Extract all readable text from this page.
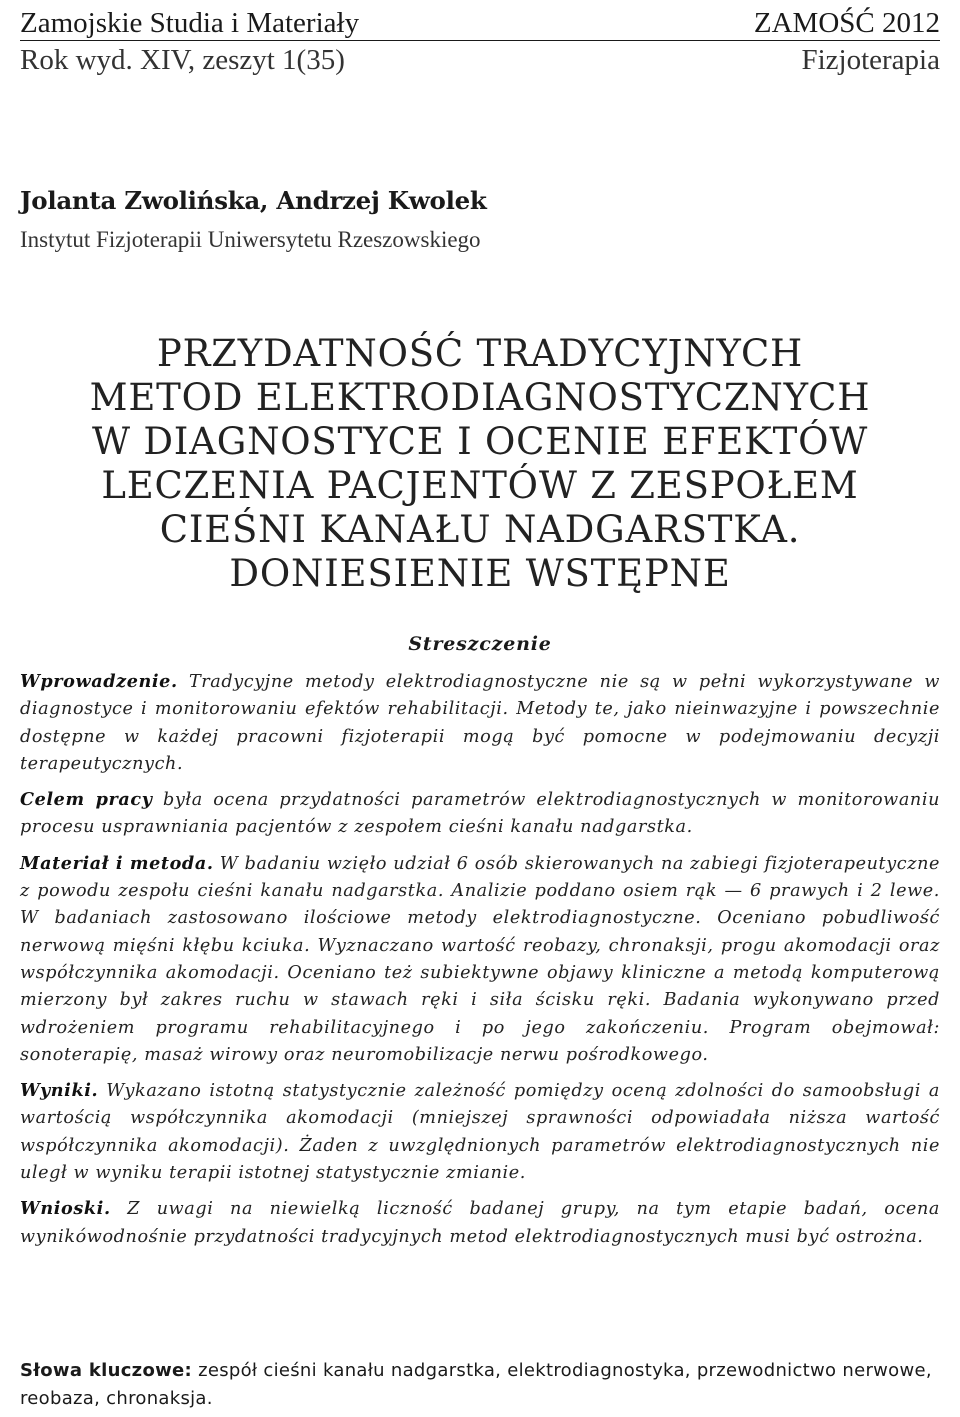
Zamojskie Studia i Materiały	ZAMOŚĆ 2012
Rok wyd. XIV, zeszyt 1(35)	Fizjoterapia
Jolanta Zwolińska, Andrzej Kwolek
Instytut Fizjoterapii Uniwersytetu Rzeszowskiego
PRZYDATNOŚĆ TRADYCYJNYCH
METOD ELEKTRODIAGNOSTYCZNYCH
W DIAGNOSTYCE I OCENIE EFEKTÓW
LECZENIA PACJENTÓW Z ZESPOŁEM
CIEŚNI KANAŁU NADGARSTKA.
DONIESIENIE WSTĘPNE
Streszczenie

Wprowadzenie. Tradycyjne metody elektrodiagnostyczne nie są w pełni wykorzystywane w diagnostyce i monitorowaniu efektów rehabilitacji. Metody te, jako nieinwazyjne i powszechnie dostępne w każdej pracowni fizjoterapii mogą być pomocne w podejmowaniu decyzji terapeutycznych.

Celem pracy była ocena przydatności parametrów elektrodiagnostycznych w monitorowaniu procesu usprawniania pacjentów z zespołem cieśni kanału nadgarstka.

Materiał i metoda. W badaniu wzięło udział 6 osób skierowanych na zabiegi fizjoterapeutyczne z powodu zespołu cieśni kanału nadgarstka. Analizie poddano osiem rąk — 6 prawych i 2 lewe. W badaniach zastosowano ilościowe metody elektrodiagnostyczne. Oceniano pobudliwość nerwową mięśni kłębu kciuka. Wyznaczano wartość reobazy, chronaksji, progu akomodacji oraz współczynnika akomodacji. Oceniano też subiektywne objawy kliniczne a metodą komputerową mierzony był zakres ruchu w stawach ręki i siła ścisku ręki. Badania wykonywano przed wdrożeniem programu rehabilitacyjnego i po jego zakończeniu. Program obejmował: sonoterapię, masaż wirowy oraz neuromobilizacje nerwu pośrodkowego.

Wyniki. Wykazano istotną statystycznie zależność pomiędzy oceną zdolności do samoobsługi a wartością współczynnika akomodacji (mniejszej sprawności odpowiadała niższa wartość współczynnika akomodacji). Żaden z uwzględnionych parametrów elektrodiagnostycznych nie uległ w wyniku terapii istotnej statystycznie zmianie.

Wnioski. Z uwagi na niewielką liczność badanej grupy, na tym etapie badań, ocena wynikówodnośnie przydatności tradycyjnych metod elektrodiagnostycznych musi być ostrożna.

Słowa kluczowe: zespół cieśni kanału nadgarstka, elektrodiagnostyka, przewodnictwo nerwowe, reobaza, chronaksja.
